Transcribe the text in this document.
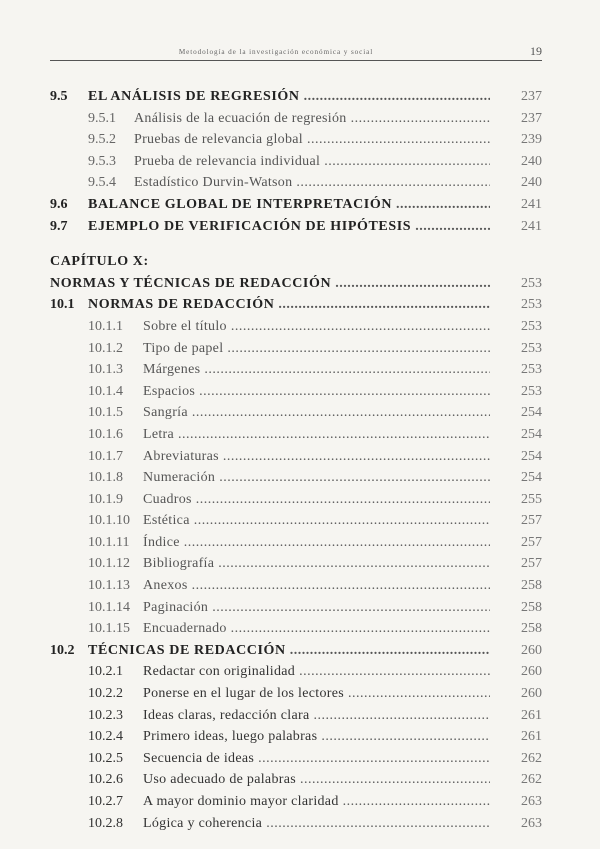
Metodología de la investigación económica y social	19
9.5 EL ANÁLISIS DE REGRESIÓN .....	237
9.5.1 Análisis de la ecuación de regresión .....	237
9.5.2 Pruebas de relevancia global .....	239
9.5.3 Prueba de relevancia individual .....	240
9.5.4 Estadístico Durvin-Watson .....	240
9.6 BALANCE GLOBAL DE INTERPRETACIÓN .....	241
9.7 EJEMPLO DE VERIFICACIÓN DE HIPÓTESIS .....	241
CAPÍTULO X:
NORMAS Y TÉCNICAS DE REDACCIÓN .....	253
10.1 NORMAS DE REDACCIÓN .....	253
10.1.1 Sobre el título .....	253
10.1.2 Tipo de papel .....	253
10.1.3 Márgenes .....	253
10.1.4 Espacios .....	253
10.1.5 Sangría .....	254
10.1.6 Letra .....	254
10.1.7 Abreviaturas .....	254
10.1.8 Numeración .....	254
10.1.9 Cuadros .....	255
10.1.10 Estética .....	257
10.1.11 Índice .....	257
10.1.12 Bibliografía .....	257
10.1.13 Anexos .....	258
10.1.14 Paginación .....	258
10.1.15 Encuadernado .....	258
10.2 TÉCNICAS DE REDACCIÓN .....	260
10.2.1 Redactar con originalidad .....	260
10.2.2 Ponerse en el lugar de los lectores .....	260
10.2.3 Ideas claras, redacción clara .....	261
10.2.4 Primero ideas, luego palabras .....	261
10.2.5 Secuencia de ideas .....	262
10.2.6 Uso adecuado de palabras .....	262
10.2.7 A mayor dominio mayor claridad .....	263
10.2.8 Lógica y coherencia .....	263
